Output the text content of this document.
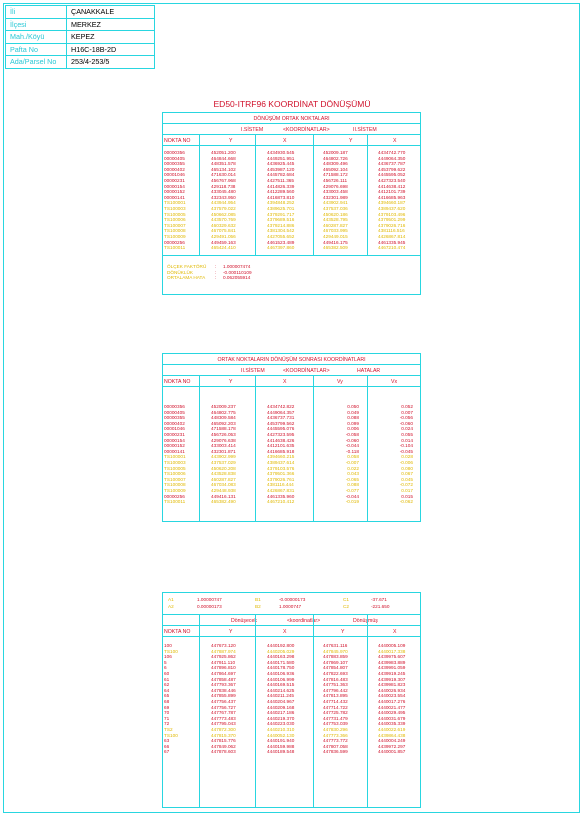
İli	ÇANAKKALE
İlçesi	MERKEZ
Mah./Köyü	KEPEZ
Pafta No	H16C-18B-2D
Ada/Parsel No	253/4-253/5
ED50-ITRF96 KOORDİNAT DÖNÜŞÜMÜ
DÖNÜŞÜM ORTAK NOKTALARI
I.SİSTEM	<KOORDİNATLAR>	II.SİSTEM
NOKTA NO	Y	X	Y	X
00000356	452051.200	4434930.545	452009.187	4434742.770
00000405	464844.668	4449251.951	464802.726	4449064.350
00000355	448351.578	4436925.445	448309.496	4436737.787
00000402	465134.102	4453987.120	465092.104	4453799.622
00001046	471630.014	4445782.684	471588.172	4445595.052
00000231	456767.968	4427511.365	456726.111	4427323.540
00000154	429118.738	4414826.339	429076.698	4414638.412
00000152	433045.480	4412289.560	433003.458	4412101.739
00000141	432343.950	4416873.810	432301.989	4416685.963
TS100001	443944.954	4394848.252	443902.941	4394660.187
TS100003	437579.022	4389625.701	437537.036	4389437.620
TS100005	450662.085	4379291.717	450620.186	4379103.496
TS100006	443570.769	4379689.516	443528.795	4379501.299
TS100007	460329.632	4379214.886	460287.827	4379026.716
TS100008	467075.841	4381304.542	467033.995	4381116.516
TS100009	429491.056	4427055.652	429449.015	4426867.814
00000256	449459.163	4461523.489	449416.175	4461335.945
TS100011	465424.410	4467397.860	465382.509	4467210.474
ÖLÇEK FAKTÖRÜ : 1.000007474
DÖNÜKLÜK	: -0.000110109
ORTALAMA HATA : 0.062055914
ORTAK NOKTALARIN DÖNÜŞÜM SONRASI KOORDİNATLARI
II.SİSTEM	<KOORDİNATLAR>	HATALAR
NOKTA NO	Y	X	Vy	Vx
00000356	452009.237	4434742.822	0.050	0.052
00000405	464802.775	4449064.357	0.049	0.007
00000355	448309.584	4436737.731	0.088	-0.056
00000402	465092.203	4453799.562	0.099	-0.060
00001046	471588.178	4445595.076	0.006	0.024
00000231	456726.053	4427323.595	-0.058	0.055
00000154	429076.638	4414638.426	-0.060	0.014
00000152	433003.414	4412101.635	-0.044	-0.104
00000141	432301.871	4416685.918	-0.118	-0.045
TS100001	443902.999	4394660.215	0.058	0.028
TS100003	437537.029	4389437.614	-0.007	-0.006
TS100005	450620.208	4379103.576	0.022	0.080
TS100006	443528.838	4379501.366	0.043	0.067
TS100007	460287.827	4379026.761	-0.065	0.045
TS100008	467034.083	4381116.444	0.088	-0.072
TS100009	429448.938	4426867.831	-0.077	0.017
00000256	449416.131	4461335.960	-0.044	0.015
TS100011	465382.490	4467210.412	-0.019	-0.062
A1	1.00000747	B1	-0.00000173	C1	-37.671
A2	0.00000173	B2	1.0000747	C2	-221.650
Dönüşecek	<koordinatlar>	Dönüşmüş
NOKTA NO	Y	X	Y	X
100	447673.120	4440192.800	447631.116	4440005.109
TS100	447887.974	4440205.029	447845.970	4440017.338
106	447925.862	4440163.298	447883.859	4439975.607
5	447911.110	4440171.580	447869.107	4439983.889
6	447896.810	4440178.750	447854.807	4439991.059
60	447864.697	4440106.936	447822.693	4439919.245
61	447858.487	4440106.999	447816.483	4439919.307
62	447793.367	4440169.515	447751.363	4439981.823
64	447838.446	4440214.625	447796.442	4440026.934
65	447855.899	4440211.245	447813.895	4440023.554
68	447756.437	4440204.967	447714.432	4440017.276
69	447756.727	4440209.168	447714.722	4440021.477
70	447767.787	4440217.186	447725.782	4440029.495
71	447773.483	4440219.370	447731.479	4440031.679
72	447795.043	4440223.030	447753.039	4440035.339
TS2	447872.300	4440210.310	447830.296	4440022.619
TS100	447815.370	4440052.130	447773.366	4439864.438
63	447815.776	4440191.940	447773.772	4440004.249
66	447849.062	4440159.988	447807.058	4439972.297
67	447878.603	4440189.548	447836.599	4440001.857
